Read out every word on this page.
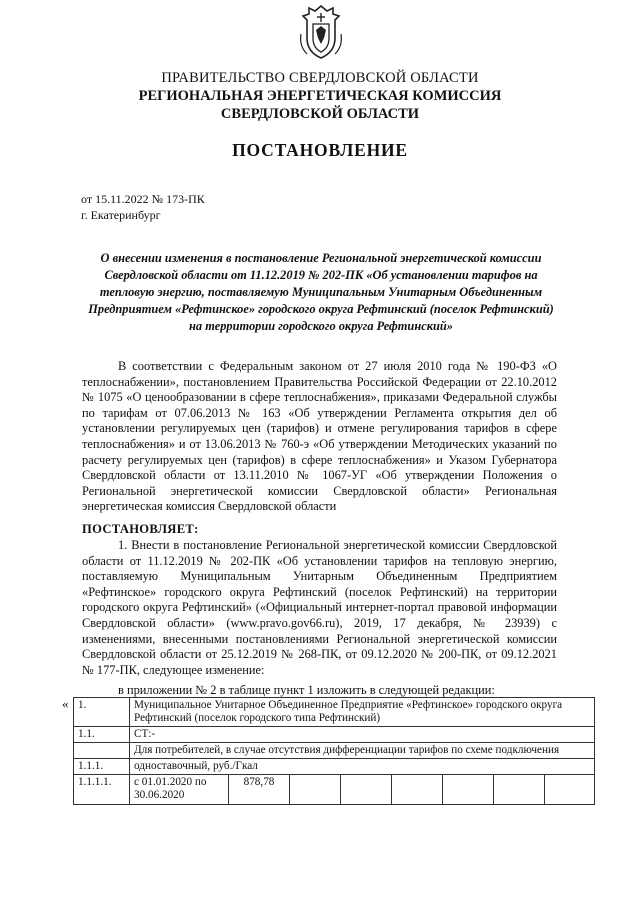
ПРАВИТЕЛЬСТВО СВЕРДЛОВСКОЙ ОБЛАСТИ
РЕГИОНАЛЬНАЯ ЭНЕРГЕТИЧЕСКАЯ КОМИССИЯ
СВЕРДЛОВСКОЙ ОБЛАСТИ
ПОСТАНОВЛЕНИЕ
от 15.11.2022 № 173-ПК
г. Екатеринбург
О внесении изменения в постановление Региональной энергетической комиссии Свердловской области от 11.12.2019 № 202-ПК «Об установлении тарифов на тепловую энергию, поставляемую Муниципальным Унитарным Объединенным Предприятием «Рефтинское» городского округа Рефтинский (поселок Рефтинский) на территории городского округа Рефтинский»

В соответствии с Федеральным законом от 27 июля 2010 года № 190-ФЗ «О теплоснабжении», постановлением Правительства Российской Федерации от 22.10.2012 № 1075 «О ценообразовании в сфере теплоснабжения», приказами Федеральной службы по тарифам от 07.06.2013 № 163 «Об утверждении Регламента открытия дел об установлении регулируемых цен (тарифов) и отмене регулирования тарифов в сфере теплоснабжения» и от 13.06.2013 № 760-э «Об утверждении Методических указаний по расчету регулируемых цен (тарифов) в сфере теплоснабжения» и Указом Губернатора Свердловской области от 13.11.2010 № 1067-УГ «Об утверждении Положения о Региональной энергетической комиссии Свердловской области» Региональная энергетическая комиссия Свердловской области

ПОСТАНОВЛЯЕТ:

1. Внести в постановление Региональной энергетической комиссии Свердловской области от 11.12.2019 № 202-ПК «Об установлении тарифов на тепловую энергию, поставляемую Муниципальным Унитарным Объединенным Предприятием «Рефтинское» городского округа Рефтинский (поселок Рефтинский) на территории городского округа Рефтинский» («Официальный интернет-портал правовой информации Свердловской области» (www.pravo.gov66.ru), 2019, 17 декабря, № 23939) с изменениями, внесенными постановлениями Региональной энергетической комиссии Свердловской области от 25.12.2019 № 268-ПК, от 09.12.2020 № 200-ПК, от 09.12.2021 № 177-ПК, следующее изменение:

в приложении № 2 в таблице пункт 1 изложить в следующей редакции:

« 1.	Муниципальное Унитарное Объединенное Предприятие «Рефтинское» городского округа Рефтинский (поселок городского типа Рефтинский)							
1.1.	СТ:-							
	Для потребителей, в случае отсутствия дифференциации тарифов по схеме подключения							
1.1.1.	одноставочный, руб./Гкал							
1.1.1.1.	с 01.01.2020 по 30.06.2020	878,78						
